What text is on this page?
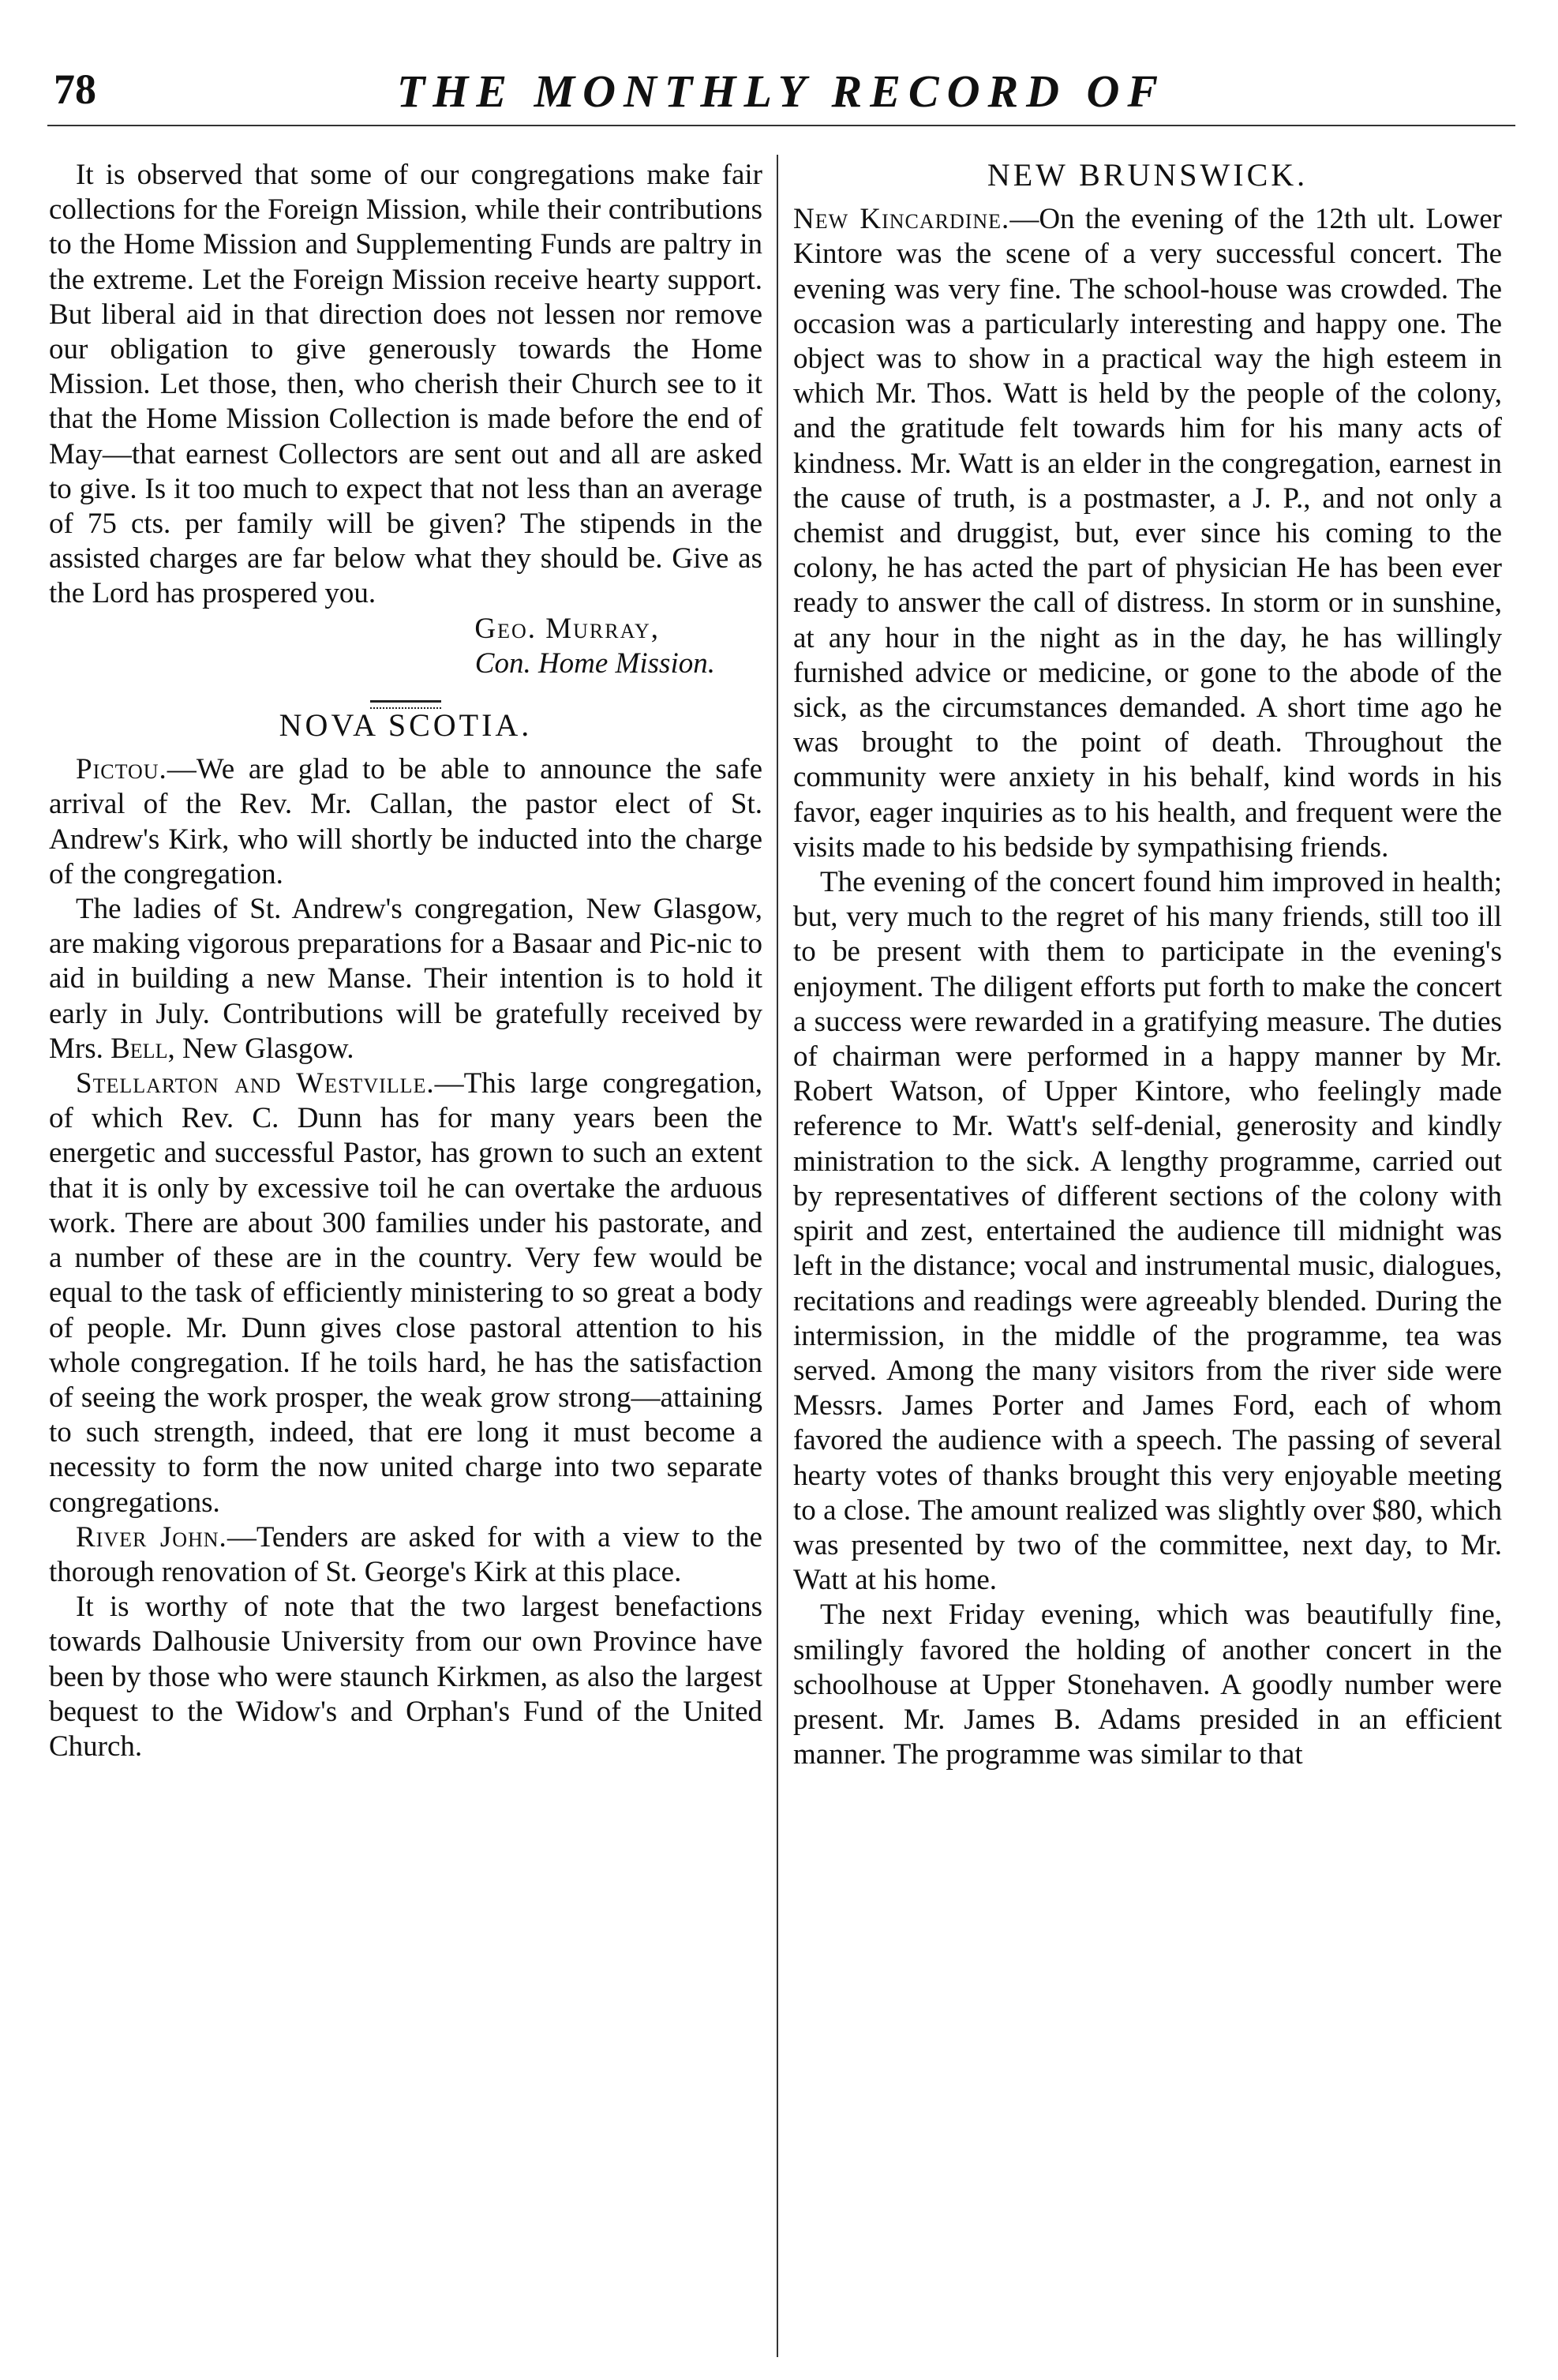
78	THE MONTHLY RECORD OF

It is observed that some of our congregations make fair collections for the Foreign Mission, while their contributions to the Home Mission and Supplementing Funds are paltry in the extreme. Let the Foreign Mission receive hearty support. But liberal aid in that direction does not lessen nor remove our obligation to give generously towards the Home Mission. Let those, then, who cherish their Church see to it that the Home Mission Collection is made before the end of May—that earnest Collectors are sent out and all are asked to give. Is it too much to expect that not less than an average of 75 cts. per family will be given? The stipends in the assisted charges are far below what they should be. Give as the Lord has prospered you.

Geo. Murray,
Con. Home Mission.

NOVA SCOTIA.

Pictou.—We are glad to be able to announce the safe arrival of the Rev. Mr. Callan, the pastor elect of St. Andrew's Kirk, who will shortly be inducted into the charge of the congregation.

The ladies of St. Andrew's congregation, New Glasgow, are making vigorous preparations for a Basaar and Pic-nic to aid in building a new Manse. Their intention is to hold it early in July. Contributions will be gratefully received by Mrs. Bell, New Glasgow.

Stellarton and Westville.—This large congregation, of which Rev. C. Dunn has for many years been the energetic and successful Pastor, has grown to such an extent that it is only by excessive toil he can overtake the arduous work. There are about 300 families under his pastorate, and a number of these are in the country. Very few would be equal to the task of efficiently ministering to so great a body of people. Mr. Dunn gives close pastoral attention to his whole congregation. If he toils hard, he has the satisfaction of seeing the work prosper, the weak grow strong—attaining to such strength, indeed, that ere long it must become a necessity to form the now united charge into two separate congregations.

River John.—Tenders are asked for with a view to the thorough renovation of St. George's Kirk at this place.

It is worthy of note that the two largest benefactions towards Dalhousie University from our own Province have been by those who were staunch Kirkmen, as also the largest bequest to the Widow's and Orphan's Fund of the United Church.

NEW BRUNSWICK.

New Kincardine.—On the evening of the 12th ult. Lower Kintore was the scene of a very successful concert. The evening was very fine. The school-house was crowded. The occasion was a particularly interesting and happy one. The object was to show in a practical way the high esteem in which Mr. Thos. Watt is held by the people of the colony, and the gratitude felt towards him for his many acts of kindness. Mr. Watt is an elder in the congregation, earnest in the cause of truth, is a postmaster, a J. P., and not only a chemist and druggist, but, ever since his coming to the colony, he has acted the part of physician He has been ever ready to answer the call of distress. In storm or in sunshine, at any hour in the night as in the day, he has willingly furnished advice or medicine, or gone to the abode of the sick, as the circumstances demanded. A short time ago he was brought to the point of death. Throughout the community were anxiety in his behalf, kind words in his favor, eager inquiries as to his health, and frequent were the visits made to his bedside by sympathising friends.

The evening of the concert found him improved in health; but, very much to the regret of his many friends, still too ill to be present with them to participate in the evening's enjoyment. The diligent efforts put forth to make the concert a success were rewarded in a gratifying measure. The duties of chairman were performed in a happy manner by Mr. Robert Watson, of Upper Kintore, who feelingly made reference to Mr. Watt's self-denial, generosity and kindly ministration to the sick. A lengthy programme, carried out by representatives of different sections of the colony with spirit and zest, entertained the audience till midnight was left in the distance; vocal and instrumental music, dialogues, recitations and readings were agreeably blended. During the intermission, in the middle of the programme, tea was served. Among the many visitors from the river side were Messrs. James Porter and James Ford, each of whom favored the audience with a speech. The passing of several hearty votes of thanks brought this very enjoyable meeting to a close. The amount realized was slightly over $80, which was presented by two of the committee, next day, to Mr. Watt at his home.

The next Friday evening, which was beautifully fine, smilingly favored the holding of another concert in the schoolhouse at Upper Stonehaven. A goodly number were present. Mr. James B. Adams presided in an efficient manner. The programme was similar to that
